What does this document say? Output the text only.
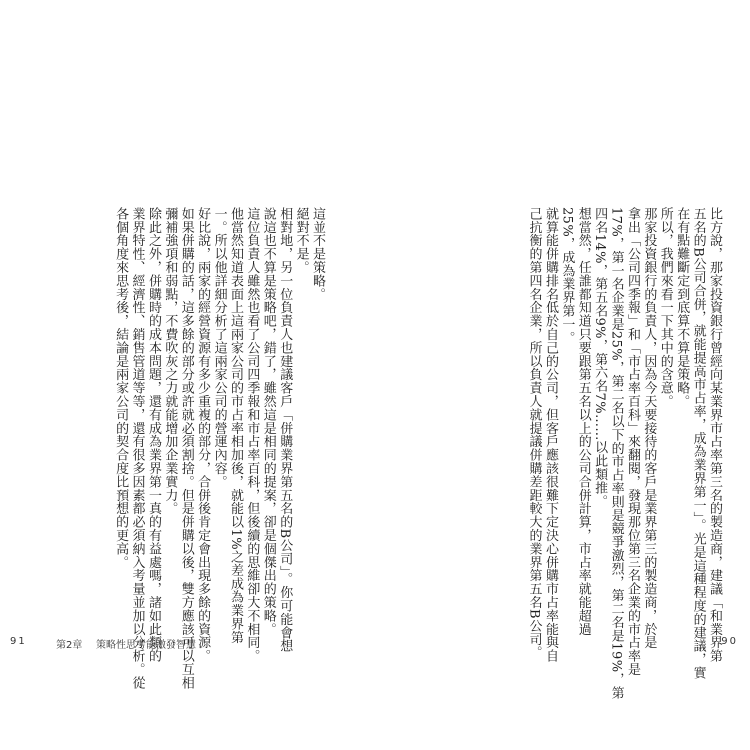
這並不是策略。
絕對不是。
相對地，另一位負責人也建議客戶「併購業界第五名的B公司」。你可能會想
說這也不算是策略吧，錯了，雖然這是相同的提案，卻是個傑出的策略。
這位負責人雖然也看了公司四季報和市占率百科，但後續的思維卻大不相同。
他當然知道表面上這兩家公司的市占率相加後，就能以1%之差成為業界第
一。所以他詳細分析了這兩家公司的營運內容。
好比說，兩家的經營資源有多少重複的部分，合併後肯定會出現多餘的資源。
如果併購的話，這多餘的部分或許就必須割捨。但是併購以後，雙方應該可以互相
彌補強項和弱點，不費吹灰之力就能增加企業實力。
除此之外，併購時的成本問題，還有成為業界第一真的有益處嗎，諸如此類的
業界特性、經濟性、銷售管道等等，還有很多因素都必須納入考量並加以分析。從
各個角度來思考後，結論是兩家公司的契合度比預想的更高。
91	第2章 策略性思考能激發智慧	比方說，那家投資銀行曾經向某業界市占率第三名的製造商，建議「和業界第
五名的B公司合併，就能提高市占率，成為業界第一」。光是這種程度的建議，實
在有點難斷定到底算不算是策略。
所以，我們來看一下其中的含意。
那家投資銀行的負責人，因為今天要接待的客戶是業界第三的製造商，於是
拿出「公司四季報」和「市占率百科」來翻閱，發現那位第三名企業的市占率是
17%，第一名企業是25%，第二名以下的市占率則是競爭激烈，第二名是19%，第
四名14%，第五名9%，第六名7%……以此類推。
想當然，任誰都知道只要跟第五名以上的公司合併計算，市占率就能超過
25%，成為業界第一。
就算能併購排名低於自己的公司，但客戶應該很難下定決心併購市占率能與自
己抗衡的第四名企業，所以負責人就提議併購差距較大的業界第五名B公司。	90
